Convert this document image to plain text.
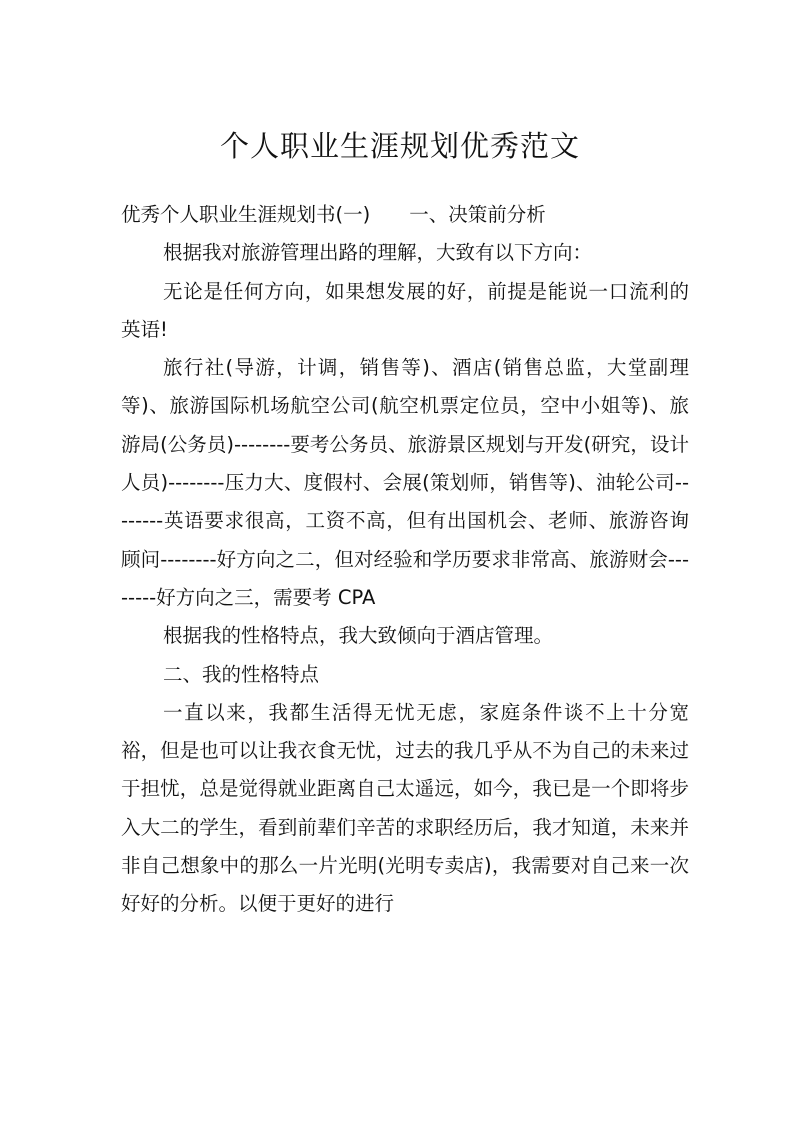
个人职业生涯规划优秀范文

优秀个人职业生涯规划书(一)　　一、决策前分析

根据我对旅游管理出路的理解，大致有以下方向：

无论是任何方向，如果想发展的好，前提是能说一口流利的英语!

旅行社(导游，计调，销售等)、酒店(销售总监，大堂副理等)、旅游国际机场航空公司(航空机票定位员，空中小姐等)、旅游局(公务员)--------要考公务员、旅游景区规划与开发(研究，设计人员)--------压力大、度假村、会展(策划师，销售等)、油轮公司--------英语要求很高，工资不高，但有出国机会、老师、旅游咨询顾问--------好方向之二，但对经验和学历要求非常高、旅游财会--------好方向之三，需要考 CPA

根据我的性格特点，我大致倾向于酒店管理。

二、我的性格特点

一直以来，我都生活得无忧无虑，家庭条件谈不上十分宽裕，但是也可以让我衣食无忧，过去的我几乎从不为自己的未来过于担忧，总是觉得就业距离自己太遥远，如今，我已是一个即将步入大二的学生，看到前辈们辛苦的求职经历后，我才知道，未来并非自己想象中的那么一片光明(光明专卖店)，我需要对自己来一次好好的分析。以便于更好的进行
